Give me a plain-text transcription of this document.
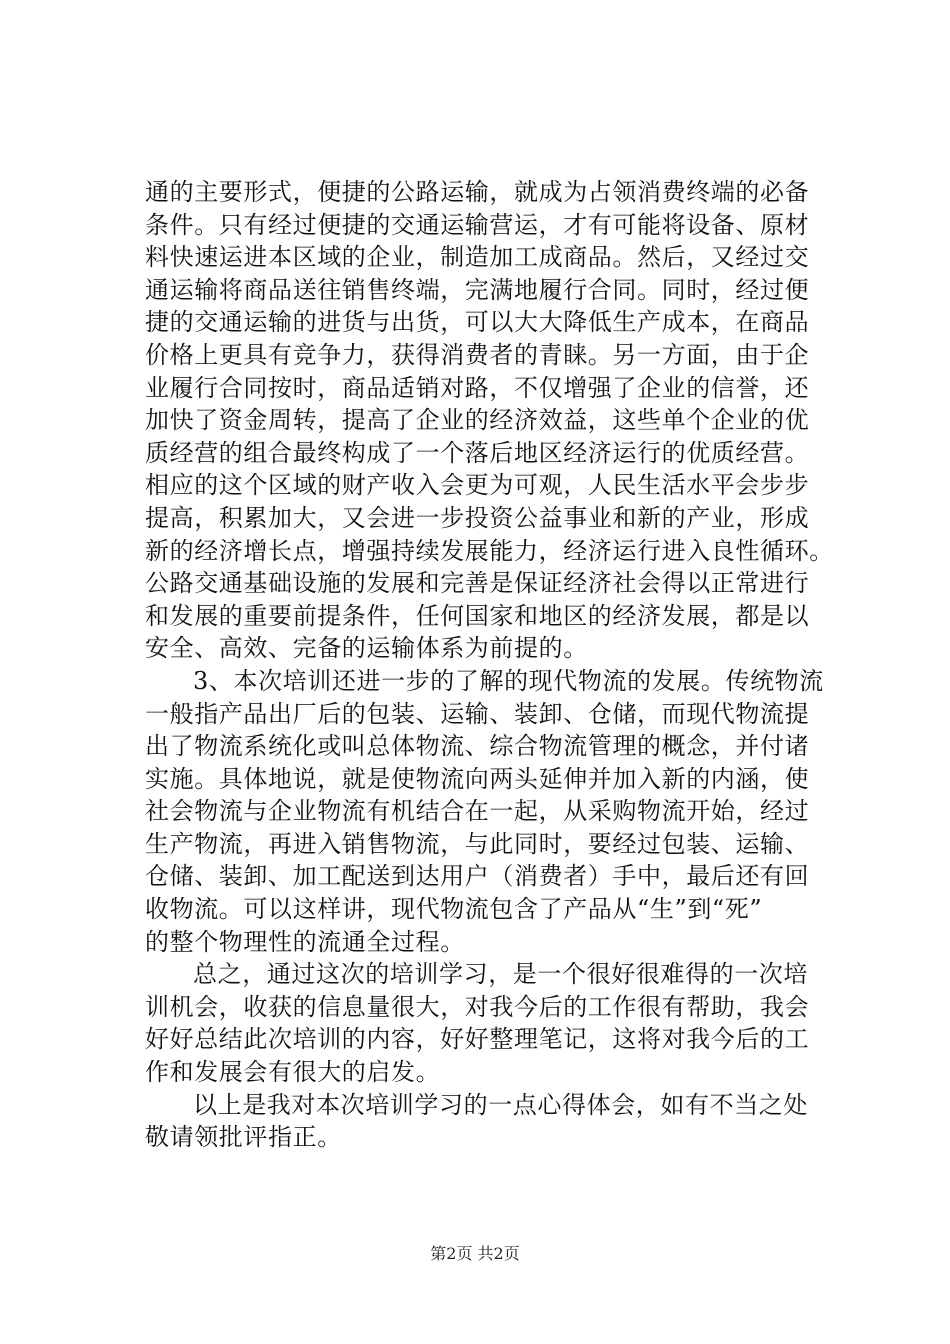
通的主要形式，便捷的公路运输，就成为占领消费终端的必备
条件。只有经过便捷的交通运输营运，才有可能将设备、原材
料快速运进本区域的企业，制造加工成商品。然后，又经过交
通运输将商品送往销售终端，完满地履行合同。同时，经过便
捷的交通运输的进货与出货，可以大大降低生产成本，在商品
价格上更具有竞争力，获得消费者的青睐。另一方面，由于企
业履行合同按时，商品适销对路，不仅增强了企业的信誉，还
加快了资金周转，提高了企业的经济效益，这些单个企业的优
质经营的组合最终构成了一个落后地区经济运行的优质经营。
相应的这个区域的财产收入会更为可观，人民生活水平会步步
提高，积累加大，又会进一步投资公益事业和新的产业，形成
新的经济增长点，增强持续发展能力，经济运行进入良性循环。
公路交通基础设施的发展和完善是保证经济社会得以正常进行
和发展的重要前提条件，任何国家和地区的经济发展，都是以
安全、高效、完备的运输体系为前提的。
3、本次培训还进一步的了解的现代物流的发展。传统物流
一般指产品出厂后的包装、运输、装卸、仓储，而现代物流提
出了物流系统化或叫总体物流、综合物流管理的概念，并付诸
实施。具体地说，就是使物流向两头延伸并加入新的内涵，使
社会物流与企业物流有机结合在一起，从采购物流开始，经过
生产物流，再进入销售物流，与此同时，要经过包装、运输、
仓储、装卸、加工配送到达用户（消费者）手中，最后还有回
收物流。可以这样讲，现代物流包含了产品从“生”到“死”
的整个物理性的流通全过程。
总之，通过这次的培训学习，是一个很好很难得的一次培
训机会，收获的信息量很大，对我今后的工作很有帮助，我会
好好总结此次培训的内容，好好整理笔记，这将对我今后的工
作和发展会有很大的启发。
以上是我对本次培训学习的一点心得体会，如有不当之处
敬请领批评指正。
第2页 共2页
